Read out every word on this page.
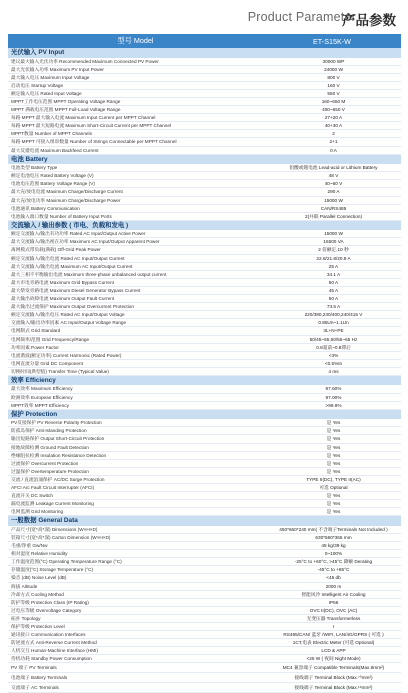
Product Parameter
产品参数
型号 Model	ET-S15K-W
光伏输入 PV Input
建议最大输入光伏功率 Recommended Maximum Connected PV Power	30000 WP
最大光伏输入功率 Maximum PV Input Power	24000 W
最大输入电压 Maximum Input Voltage	800 V
启动电压 Startup Voltage	160 V
额定输入电压 Rated Input Voltage	550 V
MPPT工作电压范围 MPPT Operating Voltage Range	160~650 M
MPPT 满载电压范围 MPPT Full-Load Voltage Range	400~650 V
每路 MPPT 最大输入电流 Maximum Input Current per MPPT Channel	27+20 A
每路 MPPT 最大短路电流 Maximum Short-Circuit Current per MPPT Channel	40+30 A
MPPT数量 Number of MPPT Channels	2
每路 MPPT 可接入组串数量 Number of Strings Connectable per MPPT Channel	2+1
最大反灌电流 Maximum Backfeed Current	0 A
电池 Battery
电池类型 Battery Type	铅酸或锂电池 Lead-acid or Lithium Battery
额定电池电压 Rated Battery Voltage (V)	48 V
电池电压范围 Battery Voltage Range (V)	40~60 V
最大充/放电电流 Maximum Charge/Discharge Current	290 A
最大充/放电功率 Maximum Charge/Discharge Power	15000 W
电池通讯 Battery Communication	CAN/RS485
电池输入端口数量 Number of Battery Input Ports	2(并联 Parallel Connection)
交流输入 / 输出参数 ( 市电、负载和发电 )
额定交流输入/输出有功功率 Rated AC Input/Output Active Power	15000 W
最大交流输入/输出视在功率 Maximum AC Input/Output Apparent Power	16500 VA
离网模式带负载(满载) Off-Grid Peak Power	2 倍额定,10 秒
额定交流输入/输出电流 Rated AC Input/Output Current	22.8/21.8/20.9 A
最大交流输入/输出电流 Maximum AC Input/Output Current	25 A
最大三相不平衡输出电流 Maximum three-phase unbalanced output current	34.1 A
最大市电旁路电流 Maximum Grid Bypass Current	50 A
最大柴发旁路电流 Maximum Diesel Generator Bypass Current	45 A
最大输出故障电流 Maximum Output Fault Current	50 A
最大输出过流保护 Maximum Output Overcurrent Protection	73.5 A
额定交流输入/输出电压 Rated AC Input/Output Voltage	220/380,230/400,240/415 V
交流输入/输出功率因素 AC Input/Output Voltage Range	0.85Un~1.1Un
电网制式 Grid Standard	3L+N+PE
电网频率/范围 Grid Frequency/Range	50/45~55,60/55~65 Hz
功率因素 Power Factor	0.8超前~0.8滞后
电流谐波(额定功率) Current Harmonic (Rated Power)	<3%
电网直流分量 Grid DC Component	<0.5%In
切换时间(典型值) Transfer Time (Typical Value)	4 ms
效率 Efficiency
最大效率 Maximum Efficiency	97.60%
欧洲效率 European Efficiency	97.00%
MPPT效率 MPPT Efficiency	>99.9%
保护 Protection
PV反接保护 PV Reverse Polarity Protection	是 Yes
防孤岛保护 Anti-Islanding Protection	是 Yes
输出短路保护 Output Short-Circuit Protection	是 Yes
接地故障检测 Ground Fault Detection	是 Yes
绝缘阻抗检测 Insulation Resistance Detection	是 Yes
过流保护 Overcurrent Protection	是 Yes
过温保护 Overtemperature Protection	是 Yes
交流 / 直流浪涌保护 AC/DC Surge Protection	TYPE II(DC), TYPE II(AC)
AFCI Arc Fault Circuit Interrupter (AFCI)	可选 Optional
直流开关 DC Switch	是 Yes
漏电流监测 Leakage Current Monitoring	是 Yes
电网监测 Grid Monitoring	是 Yes
一般数据 General Data
产品尺寸(宽*高*深) Dimensions (W×H×D)	450*660*240 mm( 不含端子Terminals Not Included )
装箱尺寸(宽*高*深) Carton Dimension (W×H×D)	630*560*365 mm
毛重/净重 Gw/Nw	45 kg/39 kg
相对湿度 Relative Humidity	0~100%
工作温度范围(°C) Operating Temperature Range (°C)	-25°C to +60°C, >45°C 降额 Derating
存储温度(°C) Storage Temperature (°C)	-45°C to +85°C
噪音 (dB) Noise Level (dB)	<45 db
海拔 Altitude	2000 m
冷却方式 Cooling Method	智能风冷 Intelligent Air Cooling
防护等级 Protection Class (IP Rating)	IP66
过电压等级 Overvoltage Category	OVC II(DC), OVC (AC)
拓扑 Topology	无变压器 Transformerless
保护等级 Protection Level	I
通讯接口 Communication Interfaces	RS485/CAN/ 蓝牙 /WIFI, LAN/4G/GPRS ( 可选 )
防逆流方式 Anti-Reverse Current Method	1CT,电表 Electric Meter (可选 Optional)
人机交互 Human-Machine Interface (HMI)	LCD & APP
待机功耗 Standby Power Consumption	<25 W ( 夜间 Night Mode)
PV 端子 PV Terminals	MC4 兼容端子 Compatible Terminals(Max.6mm²)
电池端子 Battery Terminals	接线端子 Terminal Block (Max.⁷⁰mm²)
交流端子 AC Terminals	接线端子 Terminal Block (Max.¹⁶mm²)
